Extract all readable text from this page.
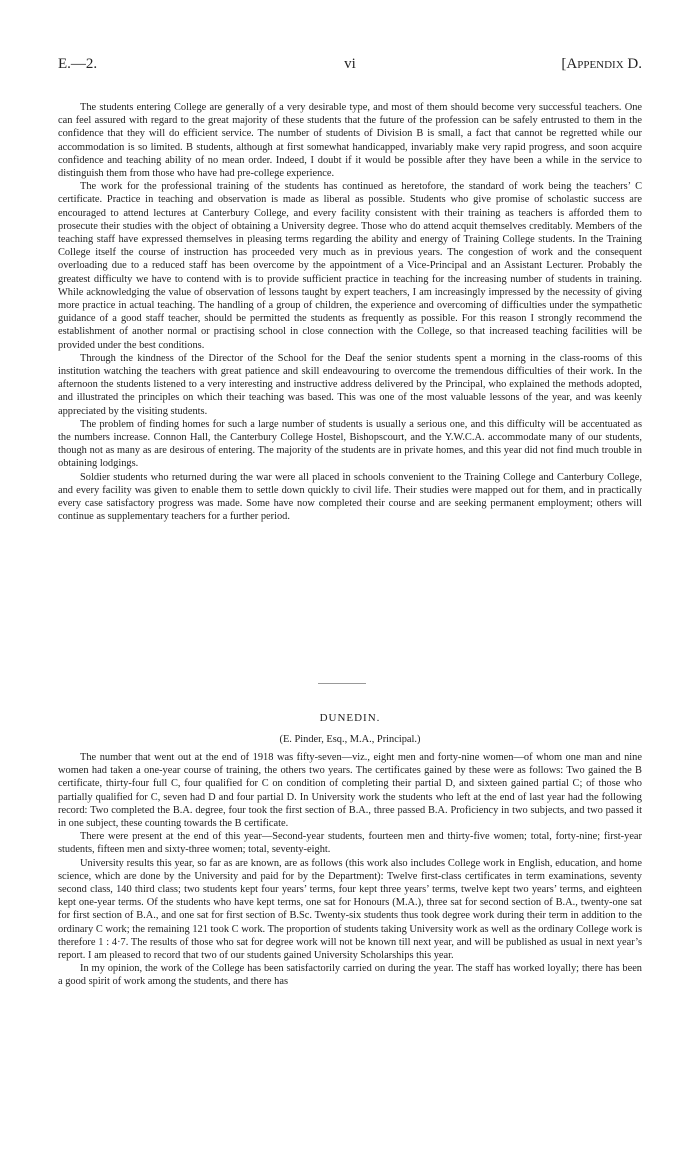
E.—2.	vi	[Appendix D.

The students entering College are generally of a very desirable type, and most of them should become very successful teachers. One can feel assured with regard to the great majority of these students that the future of the profession can be safely entrusted to them in the confidence that they will do efficient service. The number of students of Division B is small, a fact that cannot be regretted while our accommodation is so limited. B students, although at first somewhat handicapped, invariably make very rapid progress, and soon acquire confidence and teaching ability of no mean order. Indeed, I doubt if it would be possible after they have been a while in the service to distinguish them from those who have had pre-college experience.

The work for the professional training of the students has continued as heretofore, the standard of work being the teachers’ C certificate. Practice in teaching and observation is made as liberal as possible. Students who give promise of scholastic success are encouraged to attend lectures at Canterbury College, and every facility consistent with their training as teachers is afforded them to prosecute their studies with the object of obtaining a University degree. Those who do attend acquit themselves creditably. Members of the teaching staff have expressed themselves in pleasing terms regarding the ability and energy of Training College students. In the Training College itself the course of instruction has proceeded very much as in previous years. The congestion of work and the consequent overloading due to a reduced staff has been overcome by the appointment of a Vice-Principal and an Assistant Lecturer. Probably the greatest difficulty we have to contend with is to provide sufficient practice in teaching for the increasing number of students in training. While acknowledging the value of observation of lessons taught by expert teachers, I am increasingly impressed by the necessity of giving more practice in actual teaching. The handling of a group of children, the experience and overcoming of difficulties under the sympathetic guidance of a good staff teacher, should be permitted the students as frequently as possible. For this reason I strongly recommend the establishment of another normal or practising school in close connection with the College, so that increased teaching facilities will be provided under the best conditions.

Through the kindness of the Director of the School for the Deaf the senior students spent a morning in the class-rooms of this institution watching the teachers with great patience and skill endeavouring to overcome the tremendous difficulties of their work. In the afternoon the students listened to a very interesting and instructive address delivered by the Principal, who explained the methods adopted, and illustrated the principles on which their teaching was based. This was one of the most valuable lessons of the year, and was keenly appreciated by the visiting students.

The problem of finding homes for such a large number of students is usually a serious one, and this difficulty will be accentuated as the numbers increase. Connon Hall, the Canterbury College Hostel, Bishopscourt, and the Y.W.C.A. accommodate many of our students, though not as many as are desirous of entering. The majority of the students are in private homes, and this year did not find much trouble in obtaining lodgings.

Soldier students who returned during the war were all placed in schools convenient to the Training College and Canterbury College, and every facility was given to enable them to settle down quickly to civil life. Their studies were mapped out for them, and in practically every case satisfactory progress was made. Some have now completed their course and are seeking permanent employment; others will continue as supplementary teachers for a further period.

DUNEDIN.
(E. Pinder, Esq., M.A., Principal.)

The number that went out at the end of 1918 was fifty-seven—viz., eight men and forty-nine women—of whom one man and nine women had taken a one-year course of training, the others two years. The certificates gained by these were as follows: Two gained the B certificate, thirty-four full C, four qualified for C on condition of completing their partial D, and sixteen gained partial C; of those who partially qualified for C, seven had D and four partial D. In University work the students who left at the end of last year had the following record: Two completed the B.A. degree, four took the first section of B.A., three passed B.A. Proficiency in two subjects, and two passed it in one subject, these counting towards the B certificate.

There were present at the end of this year—Second-year students, fourteen men and thirty-five women; total, forty-nine; first-year students, fifteen men and sixty-three women; total, seventy-eight.

University results this year, so far as are known, are as follows (this work also includes College work in English, education, and home science, which are done by the University and paid for by the Department): Twelve first-class certificates in term examinations, seventy second class, 140 third class; two students kept four years’ terms, four kept three years’ terms, twelve kept two years’ terms, and eighteen kept one-year terms. Of the students who have kept terms, one sat for Honours (M.A.), three sat for second section of B.A., twenty-one sat for first section of B.A., and one sat for first section of B.Sc. Twenty-six students thus took degree work during their term in addition to the ordinary C work; the remaining 121 took C work. The proportion of students taking University work as well as the ordinary College work is therefore 1 : 4·7. The results of those who sat for degree work will not be known till next year, and will be published as usual in next year’s report. I am pleased to record that two of our students gained University Scholarships this year.

In my opinion, the work of the College has been satisfactorily carried on during the year. The staff has worked loyally; there has been a good spirit of work among the students, and there has
